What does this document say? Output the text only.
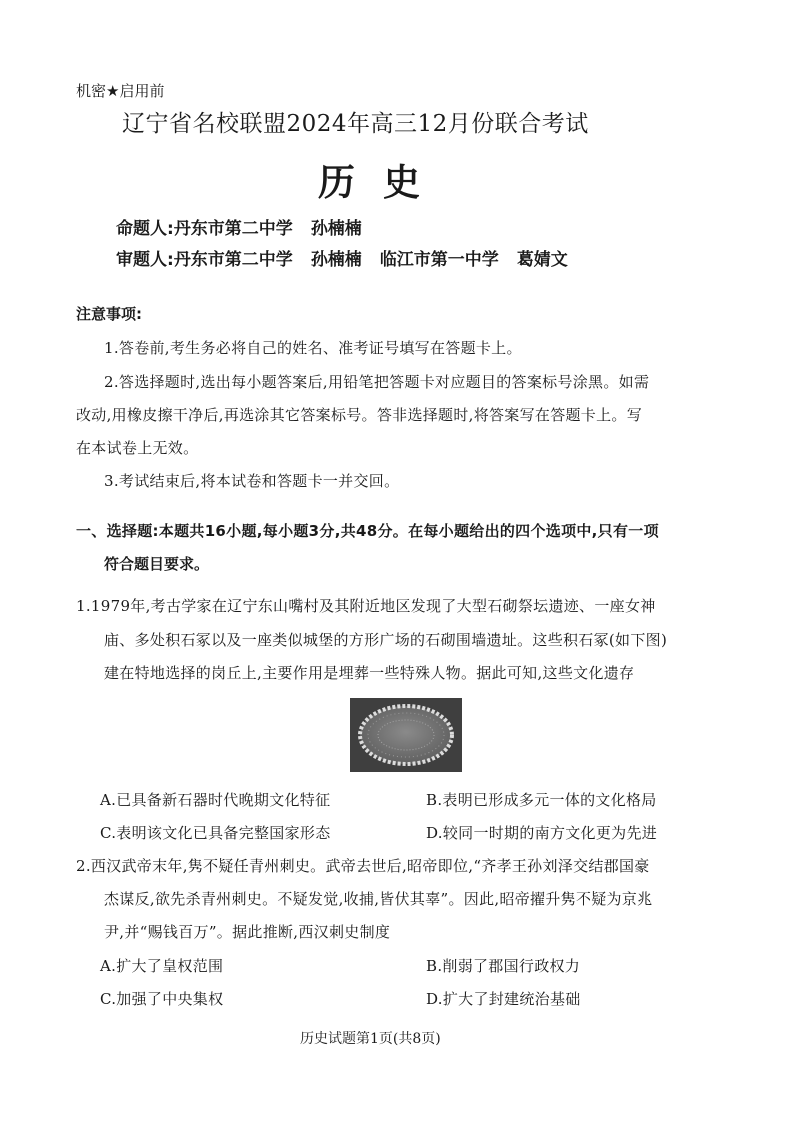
机密★启用前
辽宁省名校联盟2024年高三12月份联合考试
历史
命题人:丹东市第二中学 孙楠楠
审题人:丹东市第二中学 孙楠楠 临江市第一中学 葛婧文
注意事项:
1.答卷前,考生务必将自己的姓名、准考证号填写在答题卡上。
2.答选择题时,选出每小题答案后,用铅笔把答题卡对应题目的答案标号涂黑。如需
改动,用橡皮擦干净后,再选涂其它答案标号。答非选择题时,将答案写在答题卡上。写
在本试卷上无效。
3.考试结束后,将本试卷和答题卡一并交回。
一、选择题:本题共16小题,每小题3分,共48分。在每小题给出的四个选项中,只有一项
符合题目要求。
1.1979年,考古学家在辽宁东山嘴村及其附近地区发现了大型石砌祭坛遗迹、一座女神
庙、多处积石冢以及一座类似城堡的方形广场的石砌围墙遗址。这些积石冢(如下图)
建在特地选择的岗丘上,主要作用是埋葬一些特殊人物。据此可知,这些文化遗存
A.已具备新石器时代晚期文化特征	B.表明已形成多元一体的文化格局
C.表明该文化已具备完整国家形态	D.较同一时期的南方文化更为先进
2.西汉武帝末年,隽不疑任青州刺史。武帝去世后,昭帝即位,“齐孝王孙刘泽交结郡国豪
杰谋反,欲先杀青州刺史。不疑发觉,收捕,皆伏其辜”。因此,昭帝擢升隽不疑为京兆
尹,并“赐钱百万”。据此推断,西汉刺史制度
A.扩大了皇权范围	B.削弱了郡国行政权力
C.加强了中央集权	D.扩大了封建统治基础
历史试题第1页(共8页)
